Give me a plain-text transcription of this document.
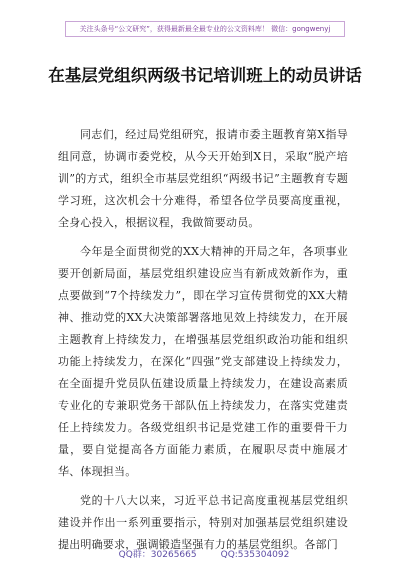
关注头条号“公文研究”，获得最新最全最专业的公文资料库！ 微信：gongwenyj
在基层党组织两级书记培训班上的动员讲话

同志们，经过局党组研究，报请市委主题教育第X指导组同意，协调市委党校，从今天开始到X日，采取“脱产培训”的方式，组织全市基层党组织“两级书记”主题教育专题学习班，这次机会十分难得，希望各位学员要高度重视，全身心投入，根据议程，我做简要动员。

今年是全面贯彻党的XX大精神的开局之年，各项事业要开创新局面，基层党组织建设应当有新成效新作为，重点要做到“7个持续发力”，即在学习宣传贯彻党的XX大精神、推动党的XX大决策部署落地见效上持续发力，在开展主题教育上持续发力，在增强基层党组织政治功能和组织功能上持续发力，在深化“四强”党支部建设上持续发力，在全面提升党员队伍建设质量上持续发力，在建设高素质专业化的专兼职党务干部队伍上持续发力，在落实党建责任上持续发力。各级党组织书记是党建工作的重要骨干力量，要自觉提高各方面能力素质，在履职尽责中施展才华、体现担当。

党的十八大以来，习近平总书记高度重视基层党组织建设并作出一系列重要指示，特别对加强基层党组织建设提出明确要求，强调锻造坚强有力的基层党组织。各部门

QQ群：30265665	QQ:535304092
